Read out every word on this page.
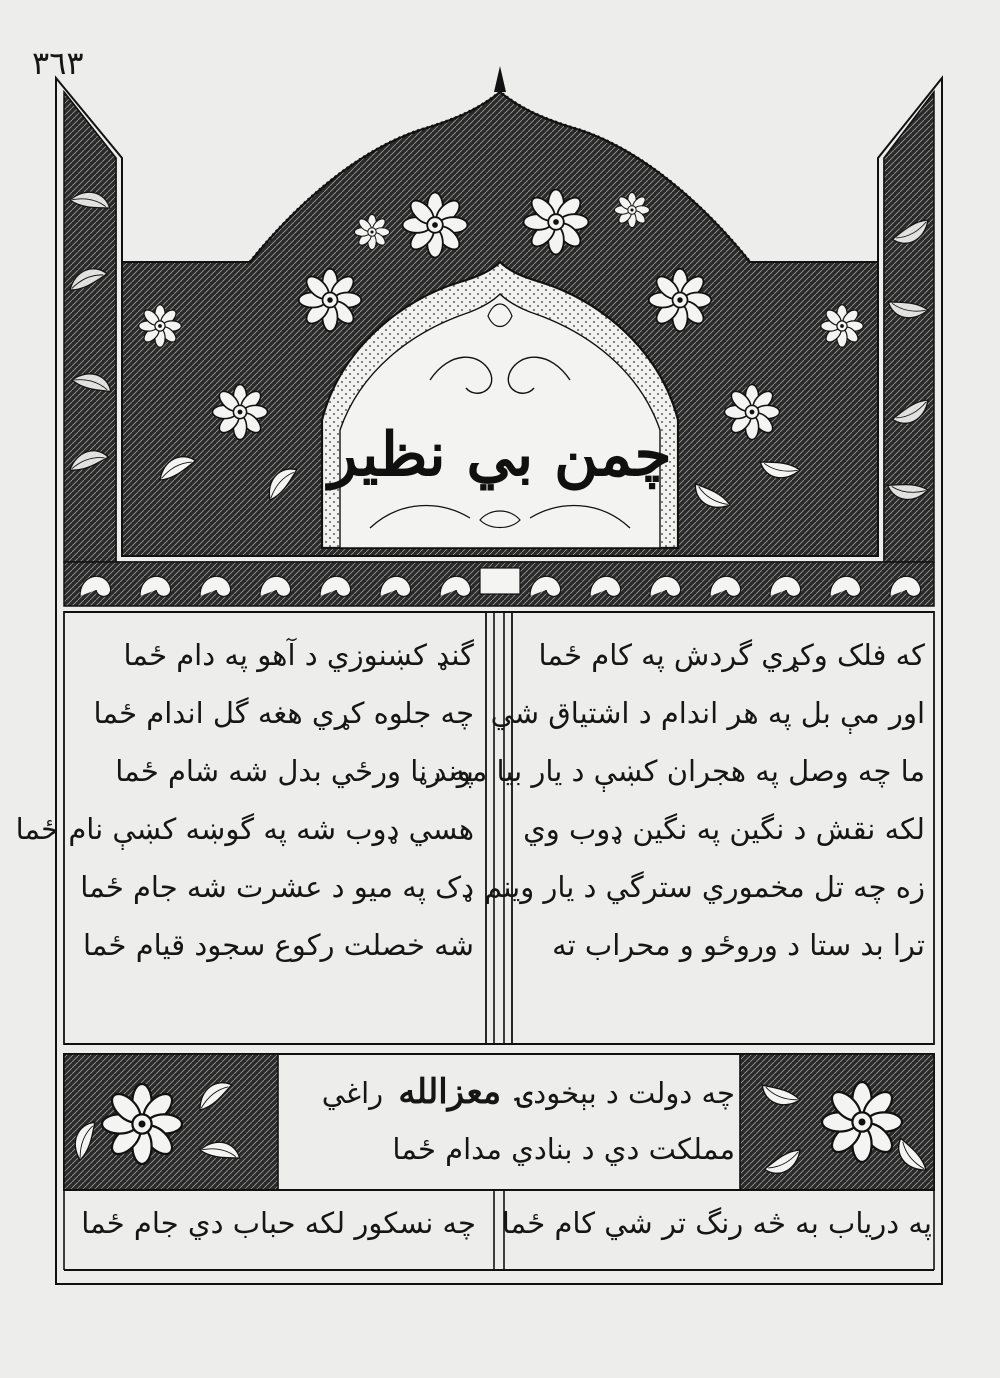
٣٦٣
چمن بي نظير
که فلک وکړي گردش په کام ځما
اور مې بل په هر اندام د اشتياق شي
ما چه وصل په هجران کښې د يار بيا موند
لکه نقش د نگين په نگين ډوب وي
زه چه تل مخموري سترگي د يار وينم
ترا بد ستا د وروځو و محراب ته
گنډ کښنوزي د آهو په دام ځما
چه جلوه کړي هغه گل اندام ځما
په رڼا ورځي بدل شه شام ځما
هسي ډوب شه په گوښه کښې نام ځما
ډک په ميو د عشرت شه جام ځما
شه خصلت رکوع سجود قيام ځما
چه دولت د بېخودۍ معزالله راغي
مملکت دي د بنادي مدام ځما
په درياب به څه رنگ تر شي کام ځما
چه نسکور لکه حباب دي جام ځما
